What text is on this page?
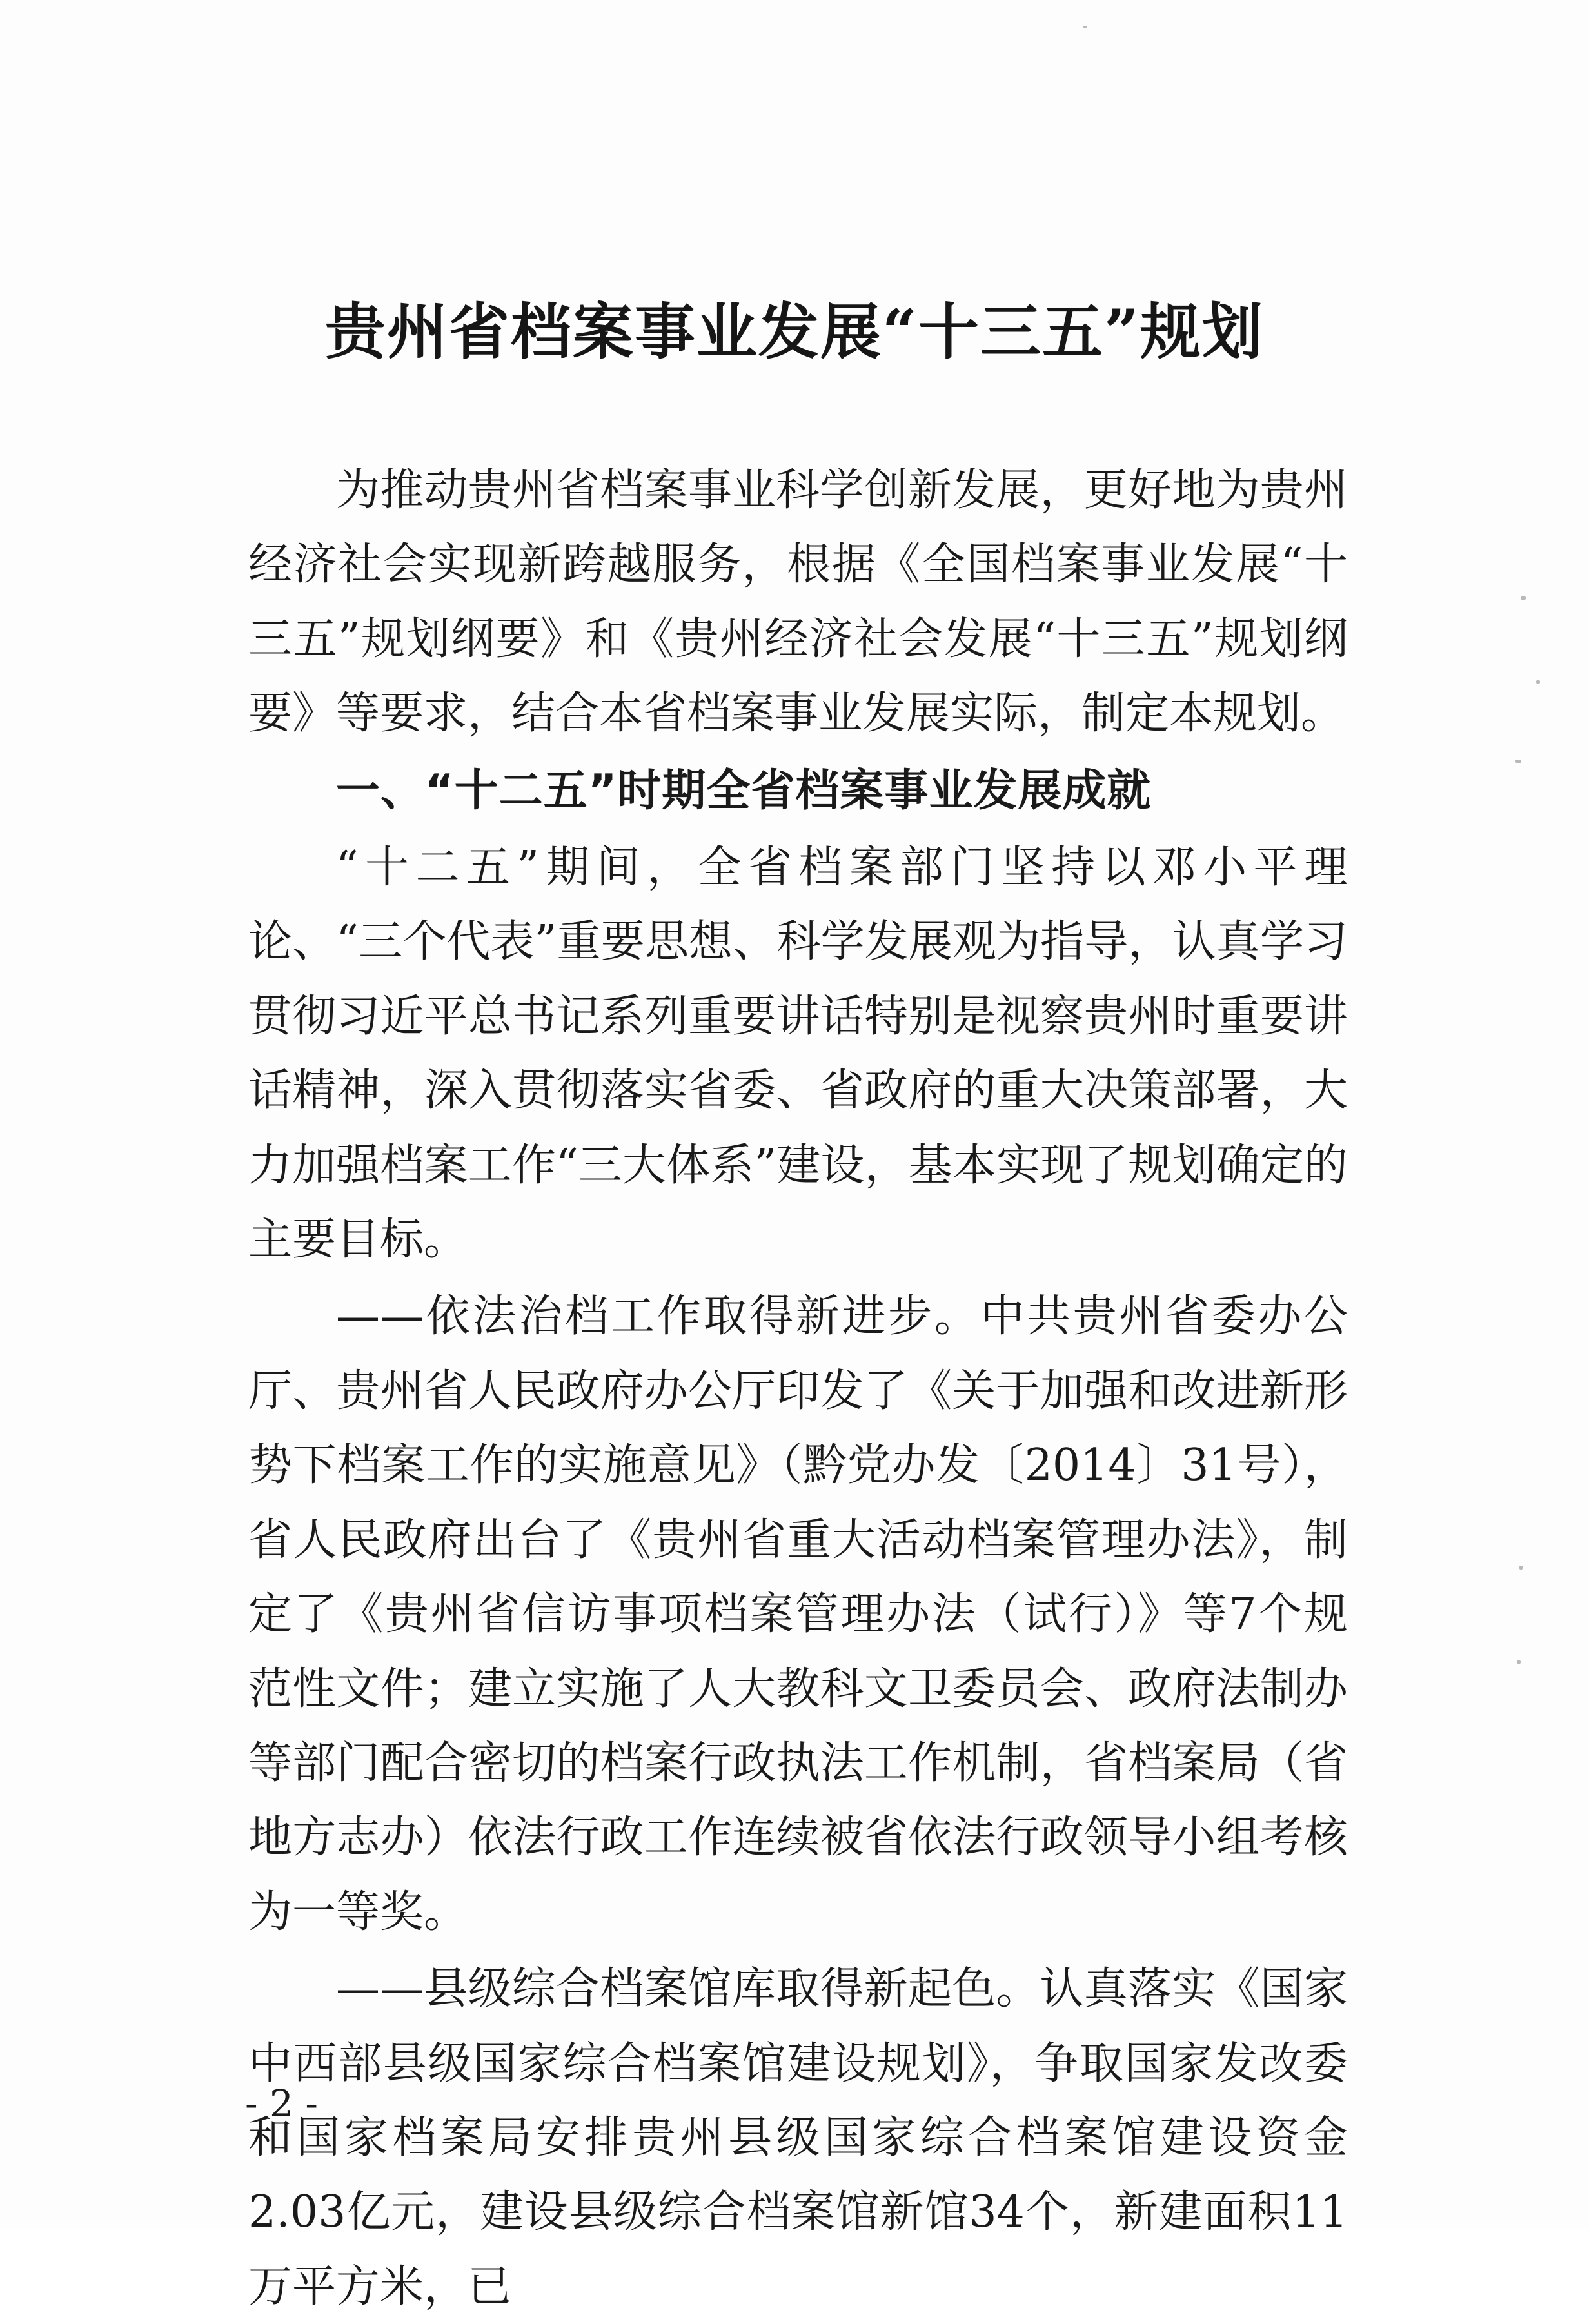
贵州省档案事业发展“十三五”规划

为推动贵州省档案事业科学创新发展，更好地为贵州经济社会实现新跨越服务，根据《全国档案事业发展“十三五”规划纲要》和《贵州经济社会发展“十三五”规划纲要》等要求，结合本省档案事业发展实际，制定本规划。

一、“十二五”时期全省档案事业发展成就

“十二五”期间，全省档案部门坚持以邓小平理论、“三个代表”重要思想、科学发展观为指导，认真学习贯彻习近平总书记系列重要讲话特别是视察贵州时重要讲话精神，深入贯彻落实省委、省政府的重大决策部署，大力加强档案工作“三大体系”建设，基本实现了规划确定的主要目标。

——依法治档工作取得新进步。中共贵州省委办公厅、贵州省人民政府办公厅印发了《关于加强和改进新形势下档案工作的实施意见》（黔党办发〔2014〕31号），省人民政府出台了《贵州省重大活动档案管理办法》，制定了《贵州省信访事项档案管理办法（试行）》等7个规范性文件；建立实施了人大教科文卫委员会、政府法制办等部门配合密切的档案行政执法工作机制，省档案局（省地方志办）依法行政工作连续被省依法行政领导小组考核为一等奖。

——县级综合档案馆库取得新起色。认真落实《国家中西部县级国家综合档案馆建设规划》，争取国家发改委和国家档案局安排贵州县级国家综合档案馆建设资金2.03亿元，建设县级综合档案馆新馆34个，新建面积11万平方米，已

- 2 -
